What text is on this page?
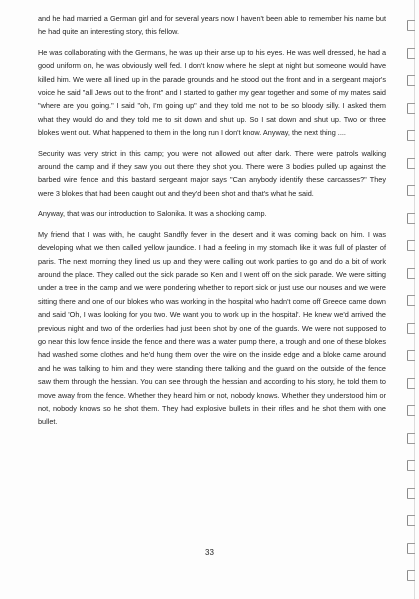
and he had married a German girl and for several years now I haven't been able to remember his name but he had quite an interesting story, this fellow.

He was collaborating with the Germans, he was up their arse up to his eyes. He was well dressed, he had a good uniform on, he was obviously well fed. I don't know where he slept at night but someone would have killed him. We were all lined up in the parade grounds and he stood out the front and in a sergeant major's voice he said "all Jews out to the front" and I started to gather my gear together and some of my mates said "where are you going." I said "oh, I'm going up" and they told me not to be so bloody silly. I asked them what they would do and they told me to sit down and shut up. So I sat down and shut up. Two or three blokes went out. What happened to them in the long run I don't know. Anyway, the next thing ....

Security was very strict in this camp; you were not allowed out after dark. There were patrols walking around the camp and if they saw you out there they shot you. There were 3 bodies pulled up against the barbed wire fence and this bastard sergeant major says "Can anybody identify these carcasses?" They were 3 blokes that had been caught out and they'd been shot and that's what he said.

Anyway, that was our introduction to Salonika. It was a shocking camp.

My friend that I was with, he caught Sandfly fever in the desert and it was coming back on him. I was developing what we then called yellow jaundice. I had a feeling in my stomach like it was full of plaster of paris. The next morning they lined us up and they were calling out work parties to go and do a bit of work around the place. They called out the sick parade so Ken and I went off on the sick parade. We were sitting under a tree in the camp and we were pondering whether to report sick or just use our nouses and we were sitting there and one of our blokes who was working in the hospital who hadn't come off Greece came down and said 'Oh, I was looking for you two. We want you to work up in the hospital'. He knew we'd arrived the previous night and two of the orderlies had just been shot by one of the guards. We were not supposed to go near this low fence inside the fence and there was a water pump there, a trough and one of these blokes had washed some clothes and he'd hung them over the wire on the inside edge and a bloke came around and he was talking to him and they were standing there talking and the guard on the outside of the fence saw them through the hessian. You can see through the hessian and according to his story, he told them to move away from the fence. Whether they heard him or not, nobody knows. Whether they understood him or not, nobody knows so he shot them. They had explosive bullets in their rifles and he shot them with one bullet.

33
